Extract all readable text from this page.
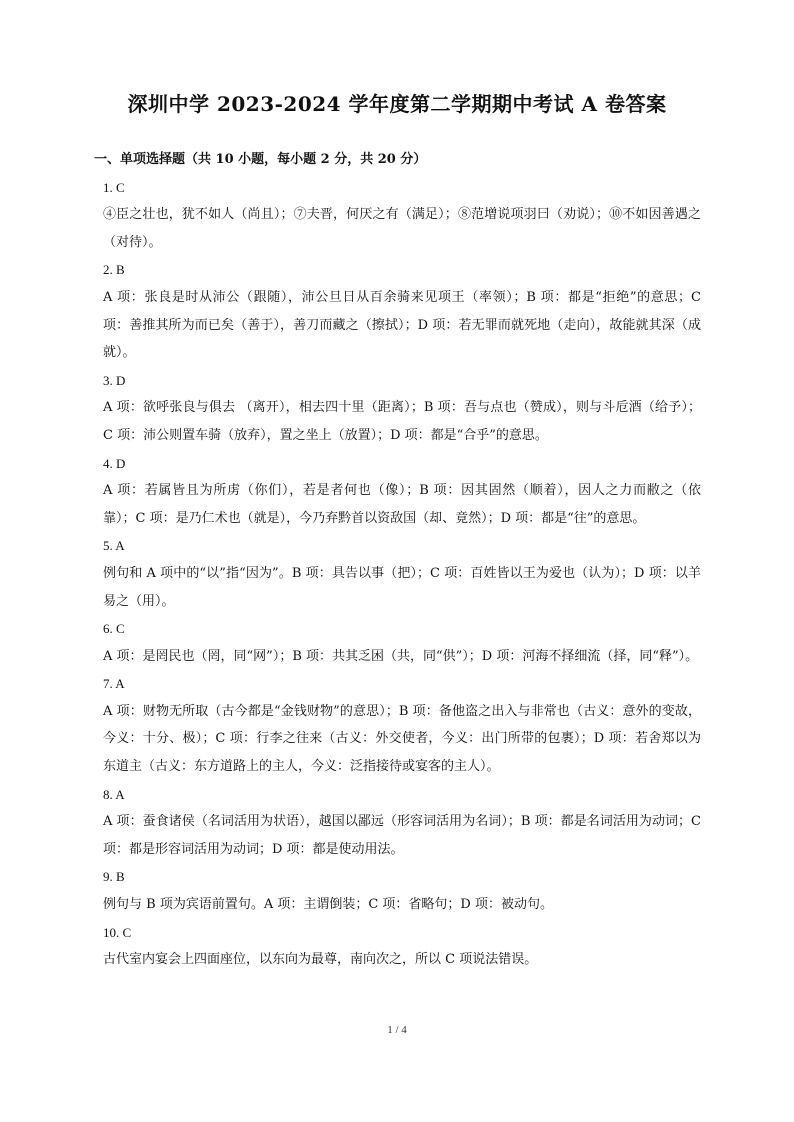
深圳中学 2023-2024 学年度第二学期期中考试 A 卷答案
一、单项选择题（共 10 小题，每小题 2 分，共 20 分）
1. C

④臣之壮也，犹不如人（尚且）；⑦夫晋，何厌之有（满足）；⑧范增说项羽曰（劝说）；⑩不如因善遇之（对待）。

2. B

A 项：张良是时从沛公（跟随），沛公旦日从百余骑来见项王（率领）；B 项：都是“拒绝”的意思；C 项：善推其所为而已矣（善于），善刀而藏之（擦拭）；D 项：若无罪而就死地（走向），故能就其深（成就）。

3. D

A 项：欲呼张良与俱去 （离开），相去四十里（距离）；B 项：吾与点也（赞成），则与斗卮酒（给予）；C 项：沛公则置车骑（放弃），置之坐上（放置）；D 项：都是“合乎”的意思。

4. D

A 项：若属皆且为所虏（你们），若是者何也（像）；B 项：因其固然（顺着），因人之力而敝之（依靠）；C 项：是乃仁术也（就是），今乃弃黔首以资敌国（却、竟然）；D 项：都是“往”的意思。

5. A

例句和 A 项中的“以”指“因为”。B 项：具告以事（把）；C 项：百姓皆以王为爱也（认为）；D 项：以羊易之（用）。

6. C

A 项：是罔民也（罔，同“网”）；B 项：共其乏困（共，同“供”）；D 项：河海不择细流（择，同“释”）。

7. A

A 项：财物无所取（古今都是“金钱财物”的意思）；B 项：备他盗之出入与非常也（古义：意外的变故，今义：十分、极）；C 项：行李之往来（古义：外交使者，今义：出门所带的包裹）；D 项：若舍郑以为东道主（古义：东方道路上的主人，今义：泛指接待或宴客的主人）。

8. A

A 项：蚕食诸侯（名词活用为状语），越国以鄙远（形容词活用为名词）；B 项：都是名词活用为动词；C 项：都是形容词活用为动词；D 项：都是使动用法。

9. B

例句与 B 项为宾语前置句。A 项：主谓倒装；C 项：省略句；D 项：被动句。

10. C

古代室内宴会上四面座位，以东向为最尊，南向次之，所以 C 项说法错误。

1 / 4
